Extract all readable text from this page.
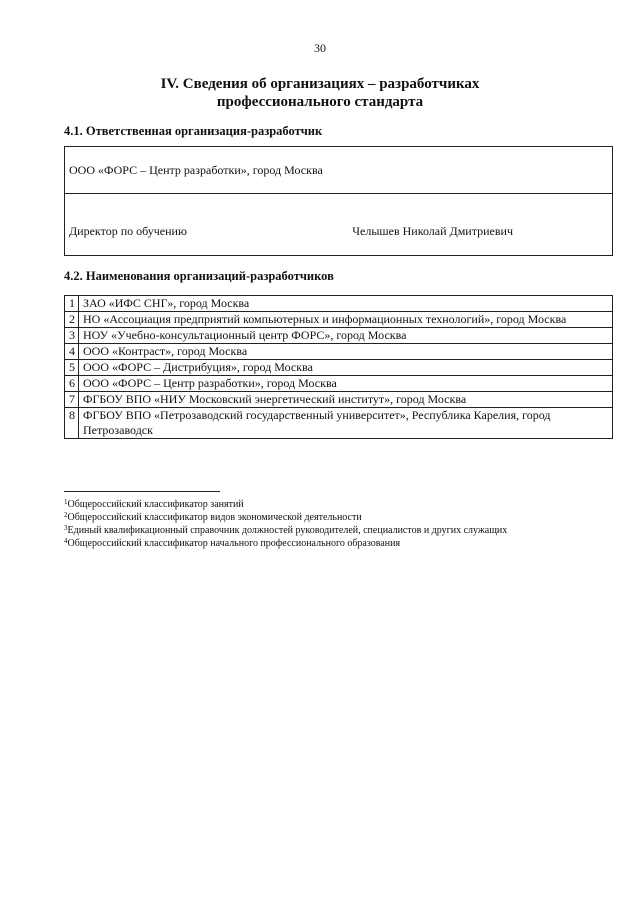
30
IV. Сведения об организациях – разработчиках
профессионального стандарта
4.1. Ответственная организация-разработчик
ООО «ФОРС – Центр разработки», город Москва

Директор по обучению	Челышев Николай Дмитриевич
4.2. Наименования организаций-разработчиков
1	ЗАО «ИФС СНГ», город Москва
2	НО «Ассоциация предприятий компьютерных и информационных технологий», город Москва
3	НОУ «Учебно-консультационный центр ФОРС», город Москва
4	ООО «Контраст», город Москва
5	ООО «ФОРС – Дистрибуция», город Москва
6	ООО «ФОРС – Центр разработки», город Москва
7	ФГБОУ ВПО «НИУ Московский энергетический институт», город Москва
8	ФГБОУ ВПО «Петрозаводский государственный университет», Республика Карелия, город Петрозаводск
$^1$Общероссийский классификатор занятий
$^2$Общероссийский классификатор видов экономической деятельности
$^3$Единый квалификационный справочник должностей руководителей, специалистов и других служащих
$^4$Общероссийский классификатор начального профессионального образования
